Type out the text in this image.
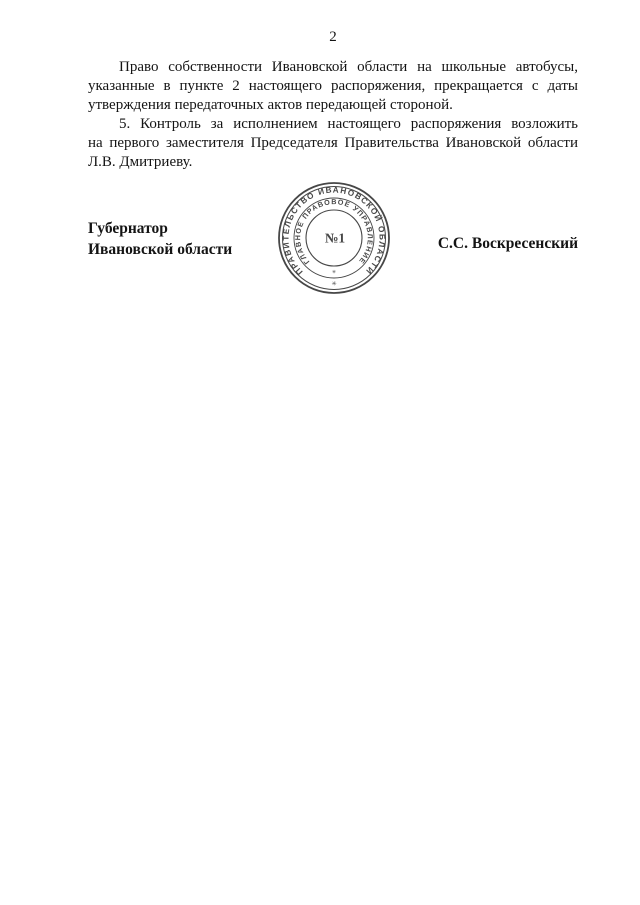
2
Право собственности Ивановской области на школьные автобусы,
указанные в пункте 2 настоящего распоряжения, прекращается с даты
утверждения передаточных актов передающей стороной.
5. Контроль за исполнением настоящего распоряжения возложить
на первого заместителя Председателя Правительства Ивановской области
Л.В. Дмитриеву.
Губернатор
Ивановской области	С.С. Воскресенский
ПРАВИТЕЛЬСТВО ИВАНОВСКОЙ ОБЛАСТИ
ГЛАВНОЕ ПРАВОВОЕ УПРАВЛЕНИЕ
✳
✳
№1
